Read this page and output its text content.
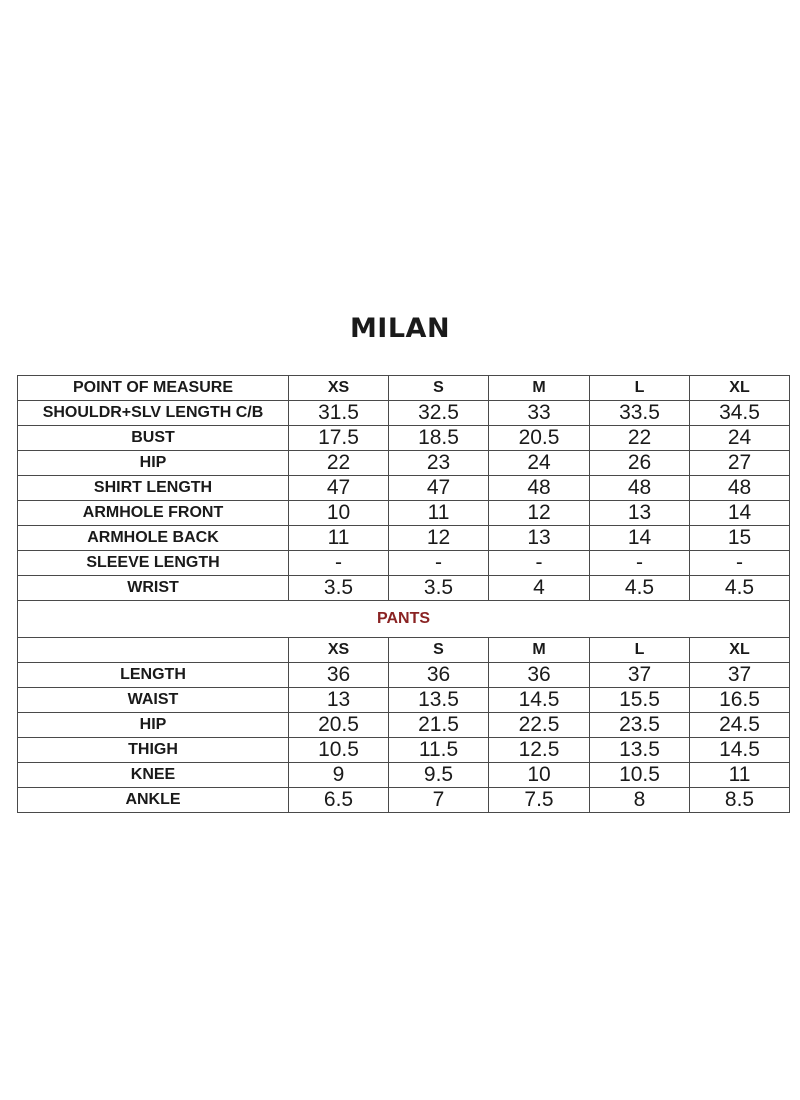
MILAN
POINT OF MEASURE	XS	S	M	L	XL
SHOULDR+SLV LENGTH C/B	31.5	32.5	33	33.5	34.5
BUST	17.5	18.5	20.5	22	24
HIP	22	23	24	26	27
SHIRT LENGTH	47	47	48	48	48
ARMHOLE FRONT	10	11	12	13	14
ARMHOLE BACK	11	12	13	14	15
SLEEVE LENGTH	-	-	-	-	-
WRIST	3.5	3.5	4	4.5	4.5
PANTS					
	XS	S	M	L	XL
LENGTH	36	36	36	37	37
WAIST	13	13.5	14.5	15.5	16.5
HIP	20.5	21.5	22.5	23.5	24.5
THIGH	10.5	11.5	12.5	13.5	14.5
KNEE	9	9.5	10	10.5	11
ANKLE	6.5	7	7.5	8	8.5
